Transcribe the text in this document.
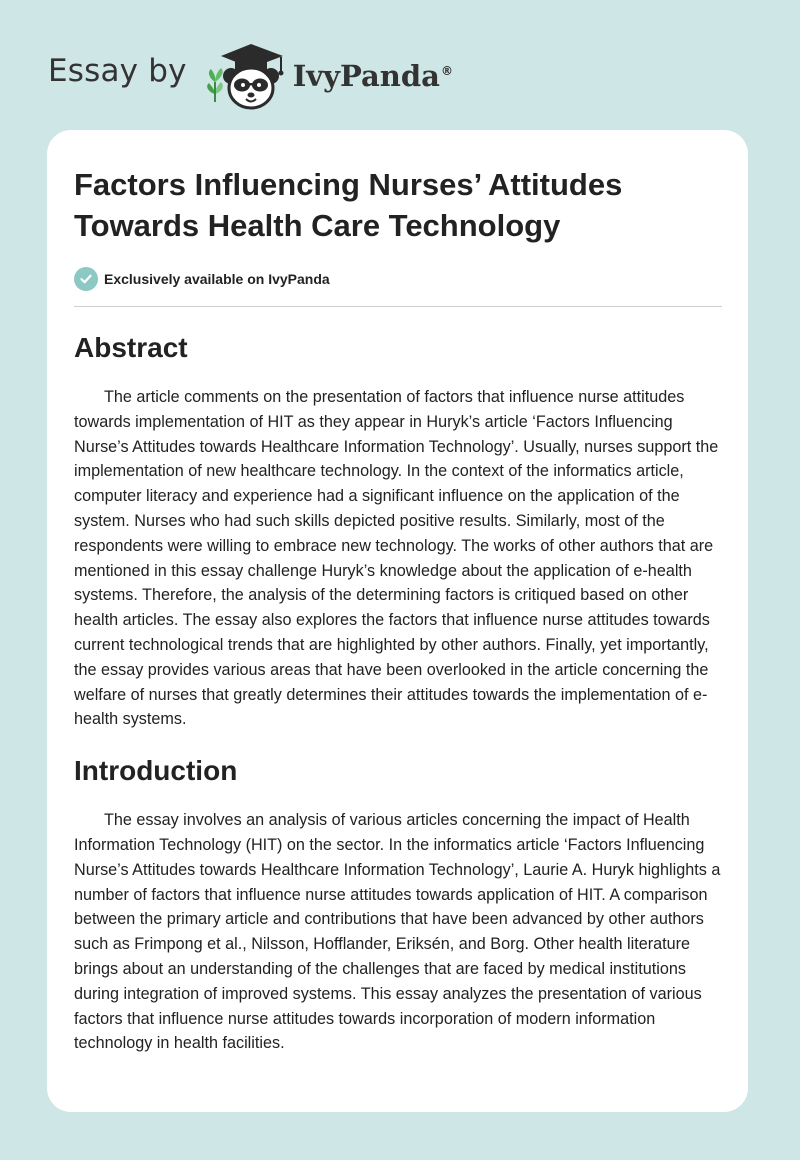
Essay by	IvyPanda®
Factors Influencing Nurses’ Attitudes Towards Health Care Technology
Exclusively available on IvyPanda
Abstract

The article comments on the presentation of factors that influence nurse attitudes towards implementation of HIT as they appear in Huryk’s article ‘Factors Influencing Nurse’s Attitudes towards Healthcare Information Technology’. Usually, nurses support the implementation of new healthcare technology. In the context of the informatics article, computer literacy and experience had a significant influence on the application of the system. Nurses who had such skills depicted positive results. Similarly, most of the respondents were willing to embrace new technology. The works of other authors that are mentioned in this essay challenge Huryk’s knowledge about the application of e-health systems. Therefore, the analysis of the determining factors is critiqued based on other health articles. The essay also explores the factors that influence nurse attitudes towards current technological trends that are highlighted by other authors. Finally, yet importantly, the essay provides various areas that have been overlooked in the article concerning the welfare of nurses that greatly determines their attitudes towards the implementation of e-health systems.

Introduction

The essay involves an analysis of various articles concerning the impact of Health Information Technology (HIT) on the sector. In the informatics article ‘Factors Influencing Nurse’s Attitudes towards Healthcare Information Technology’, Laurie A. Huryk highlights a number of factors that influence nurse attitudes towards application of HIT. A comparison between the primary article and contributions that have been advanced by other authors such as Frimpong et al., Nilsson, Hofflander, Eriksén, and Borg. Other health literature brings about an understanding of the challenges that are faced by medical institutions during integration of improved systems. This essay analyzes the presentation of various factors that influence nurse attitudes towards incorporation of modern information technology in health facilities.
